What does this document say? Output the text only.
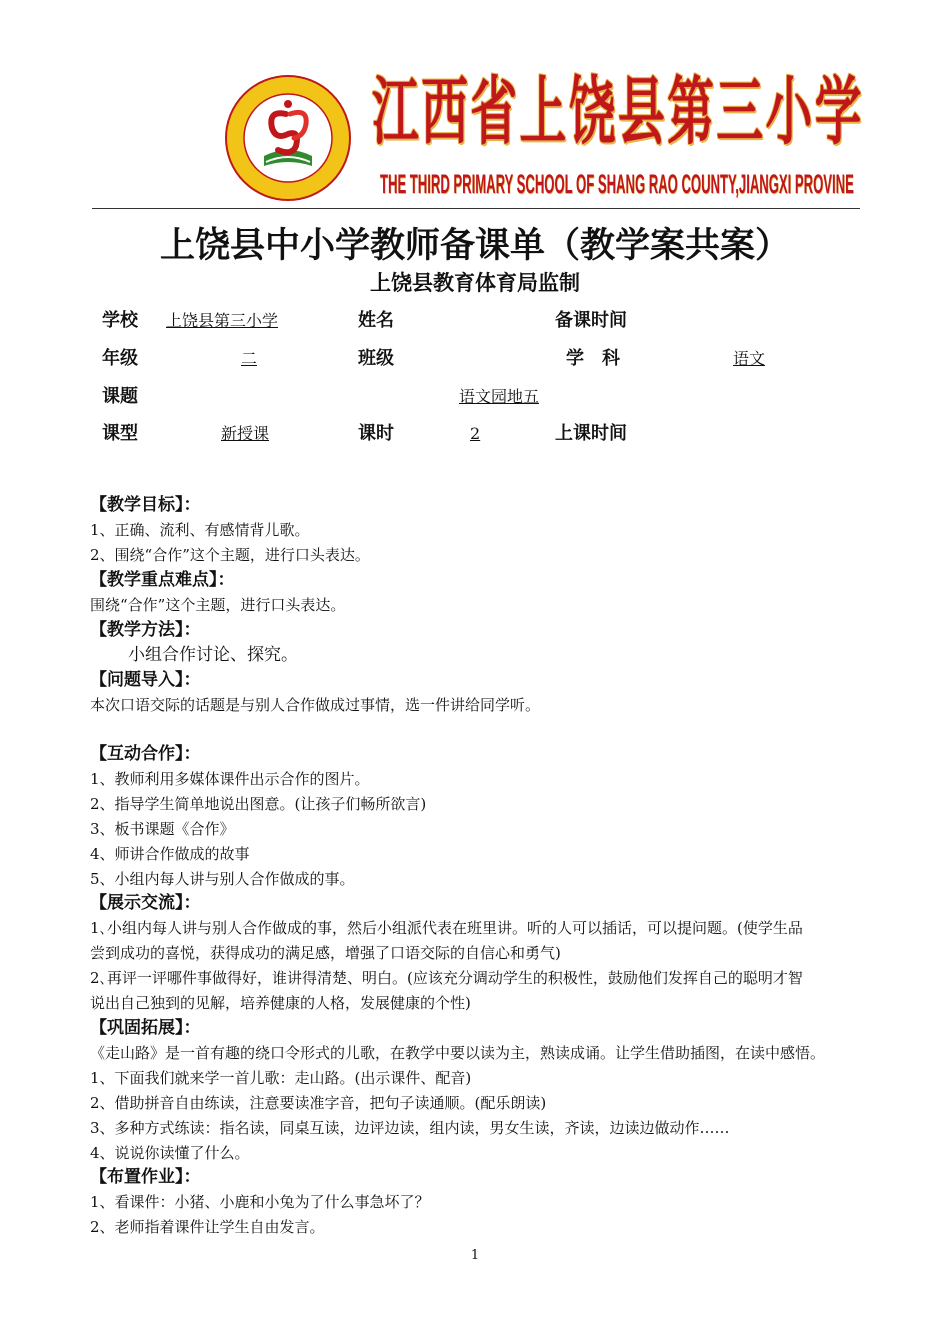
江西省上饶县第三小学
THE THIRD PRIMARY SCHOOL OF SHANG RAO COUNTY,JIANGXI PROVINE
上饶县中小学教师备课单（教学案共案）
上饶县教育体育局监制
学校 上饶县第三小学	姓名	备课时间
年级	二	班级	学　科	语文
课题	语文园地五
课型	新授课	课时	2	上课时间
【教学目标】：
1、正确、流利、有感情背儿歌。
2、围绕“合作”这个主题，进行口头表达。
【教学重点难点】：
围绕“合作”这个主题，进行口头表达。
【教学方法】：
小组合作讨论、探究。
【问题导入】：
本次口语交际的话题是与别人合作做成过事情，选一件讲给同学听。
【互动合作】：
1、教师利用多媒体课件出示合作的图片。
2、指导学生简单地说出图意。(让孩子们畅所欲言)
3、板书课题《合作》
4、师讲合作做成的故事
5、小组内每人讲与别人合作做成的事。
【展示交流】：
1､小组内每人讲与别人合作做成的事，然后小组派代表在班里讲。听的人可以插话，可以提问题。(使学生品
尝到成功的喜悦，获得成功的满足感，增强了口语交际的自信心和勇气)
2､再评一评哪件事做得好，谁讲得清楚、明白。(应该充分调动学生的积极性，鼓励他们发挥自己的聪明才智
说出自己独到的见解，培养健康的人格，发展健康的个性)
【巩固拓展】：
《走山路》是一首有趣的绕口令形式的儿歌，在教学中要以读为主，熟读成诵。让学生借助插图，在读中感悟。
1、下面我们就来学一首儿歌：走山路。(出示课件、配音)
2、借助拼音自由练读，注意要读准字音，把句子读通顺。(配乐朗读)
3、多种方式练读：指名读，同桌互读，边评边读，组内读，男女生读，齐读，边读边做动作……
4、说说你读懂了什么。
【布置作业】：
1、看课件：小猪、小鹿和小兔为了什么事急坏了？
2、老师指着课件让学生自由发言。
1
